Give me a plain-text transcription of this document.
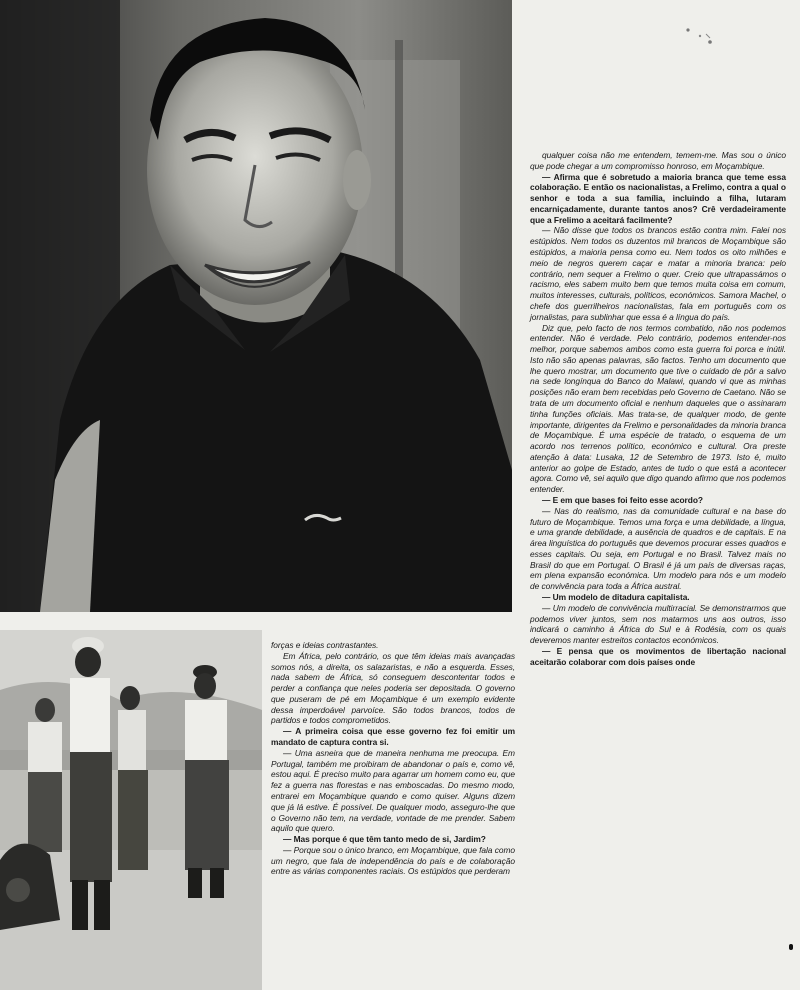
forças e ideias contrastantes.

Em África, pelo contrário, os que têm ideias mais avançadas somos nós, a direita, os salazaristas, e não a esquerda. Esses, nada sabem de África, só conseguem descontentar todos e perder a confiança que neles poderia ser depositada. O governo que puseram de pé em Moçambique é um exemplo evidente dessa imperdoável parvoíce. São todos brancos, todos de partidos e todos comprometidos.

— A primeira coisa que esse governo fez foi emitir um mandato de captura contra si.

— Uma asneira que de maneira nenhuma me preocupa. Em Portugal, também me proibiram de abandonar o país e, como vê, estou aqui. É preciso muito para agarrar um homem como eu, que fez a guerra nas florestas e nas emboscadas. Do mesmo modo, entrarei em Moçambique quando e como quiser. Alguns dizem que já lá estive. É possível. De qualquer modo, asseguro-lhe que o Governo não tem, na verdade, vontade de me prender. Sabem aquilo que quero.

— Mas porque é que têm tanto medo de si, Jardim?

— Porque sou o único branco, em Moçambique, que fala como um negro, que fala de independência do país e de colaboração entre as várias componentes raciais. Os estúpidos que perderam

qualquer coisa não me entendem, temem-me. Mas sou o único que pode chegar a um compromisso honroso, em Moçambique.

— Afirma que é sobretudo a maioria branca que teme essa colaboração. E então os nacionalistas, a Frelimo, contra a qual o senhor e toda a sua família, incluindo a filha, lutaram encarniçadamente, durante tantos anos? Crê verdadeiramente que a Frelimo a aceitará facilmente?

— Não disse que todos os brancos estão contra mim. Falei nos estúpidos. Nem todos os duzentos mil brancos de Moçambique são estúpidos, a maioria pensa como eu. Nem todos os oito milhões e meio de negros querem caçar e matar a minoria branca: pelo contrário, nem sequer a Frelimo o quer. Creio que ultrapassámos o racismo, eles sabem muito bem que temos muita coisa em comum, muitos interesses, culturais, políticos, económicos. Samora Machel, o chefe dos guerrilheiros nacionalistas, fala em português com os jornalistas, para sublinhar que essa é a língua do país.

Diz que, pelo facto de nos termos combatido, não nos podemos entender. Não é verdade. Pelo contrário, podemos entender-nos melhor, porque sabemos ambos como esta guerra foi porca e inútil. Isto não são apenas palavras, são factos. Tenho um documento que lhe quero mostrar, um documento que tive o cuidado de pôr a salvo na sede longínqua do Banco do Malawi, quando vi que as minhas posições não eram bem recebidas pelo Governo de Caetano. Não se trata de um documento oficial e nenhum daqueles que o assinaram tinha funções oficiais. Mas trata-se, de qualquer modo, de gente importante, dirigentes da Frelimo e personalidades da minoria branca de Moçambique. É uma espécie de tratado, o esquema de um acordo nos terrenos político, económico e cultural. Ora preste atenção à data: Lusaka, 12 de Setembro de 1973. Isto é, muito anterior ao golpe de Estado, antes de tudo o que está a acontecer agora. Como vê, sei aquilo que digo quando afirmo que nos podemos entender.

— E em que bases foi feito esse acordo?

— Nas do realismo, nas da comunidade cultural e na base do futuro de Moçambique. Temos uma força e uma debilidade, a língua, e uma grande debilidade, a ausência de quadros e de capitais. E na área linguística do português que devemos procurar esses quadros e esses capitais. Ou seja, em Portugal e no Brasil. Talvez mais no Brasil do que em Portugal. O Brasil é já um país de diversas raças, em plena expansão económica. Um modelo para nós e um modelo de convivência para toda a África austral.

— Um modelo de ditadura capitalista.

— Um modelo de convivência multirracial. Se demonstrarmos que podemos viver juntos, sem nos matarmos uns aos outros, isso indicará o caminho à África do Sul e à Rodésia, com os quais deveremos manter estreitos contactos económicos.

— E pensa que os movimentos de libertação nacional aceitarão colaborar com dois países onde
